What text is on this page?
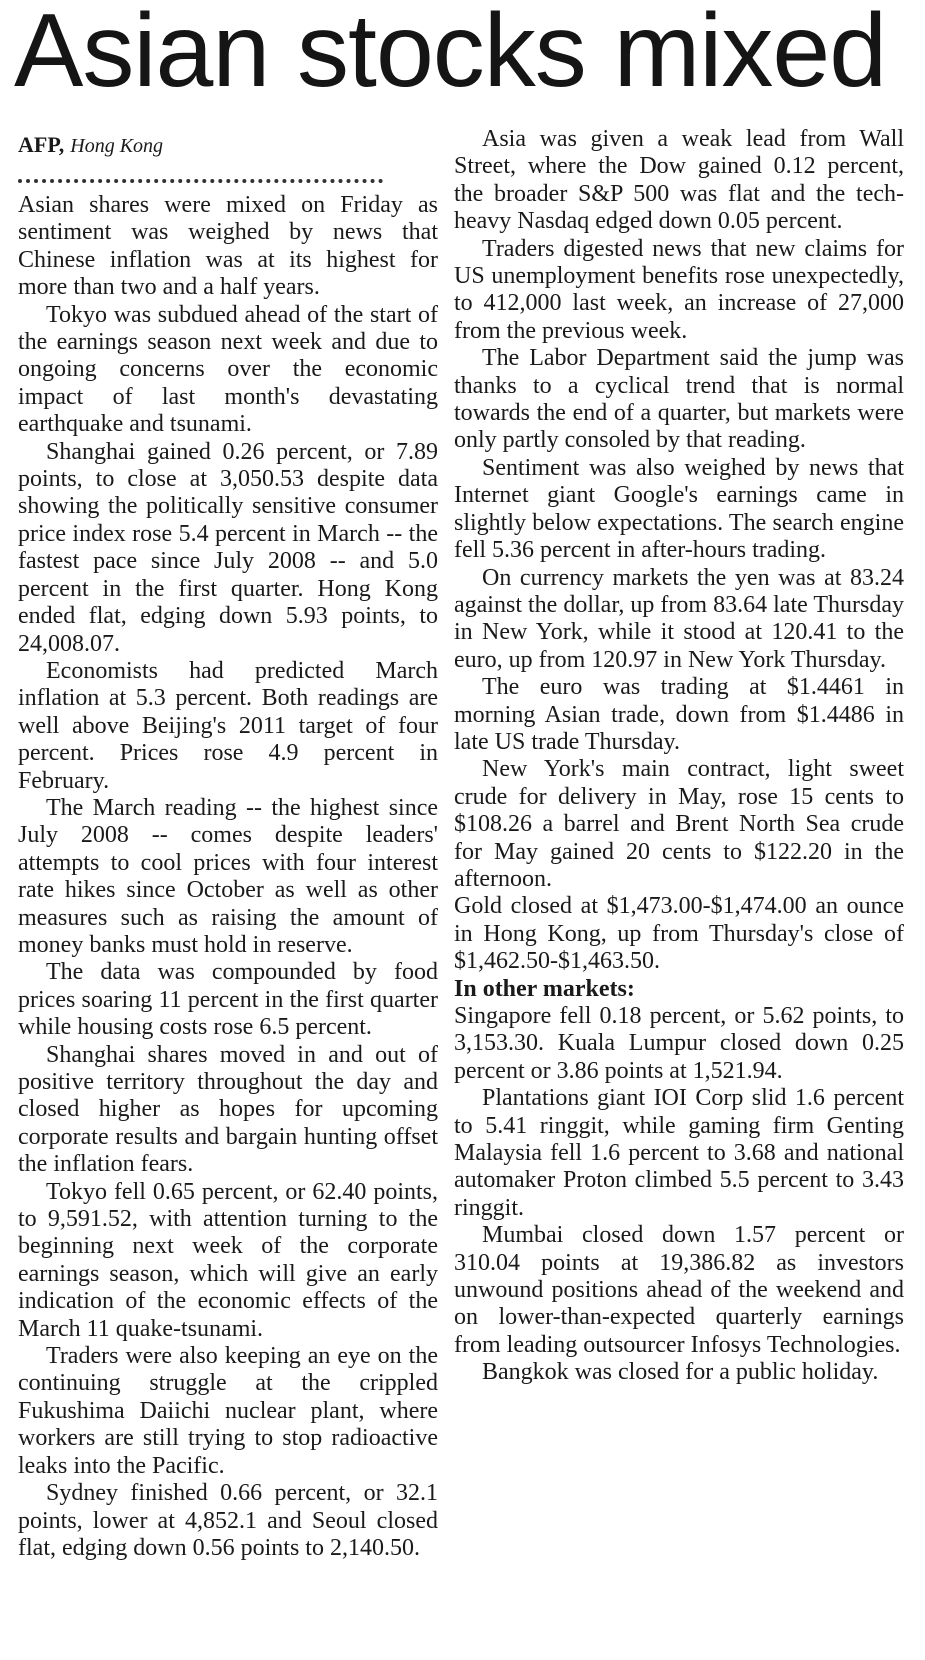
Asian stocks mixed
AFP, Hong Kong

Asian shares were mixed on Friday as sentiment was weighed by news that Chinese inflation was at its highest for more than two and a half years.

Tokyo was subdued ahead of the start of the earnings season next week and due to ongoing concerns over the economic impact of last month's devastating earthquake and tsunami.

Shanghai gained 0.26 percent, or 7.89 points, to close at 3,050.53 despite data showing the politically sensitive consumer price index rose 5.4 percent in March -- the fastest pace since July 2008 -- and 5.0 percent in the first quarter. Hong Kong ended flat, edging down 5.93 points, to 24,008.07.

Economists had predicted March inflation at 5.3 percent. Both readings are well above Beijing's 2011 target of four percent. Prices rose 4.9 percent in February.

The March reading -- the highest since July 2008 -- comes despite leaders' attempts to cool prices with four interest rate hikes since October as well as other measures such as raising the amount of money banks must hold in reserve.

The data was compounded by food prices soaring 11 percent in the first quarter while housing costs rose 6.5 percent.

Shanghai shares moved in and out of positive territory throughout the day and closed higher as hopes for upcoming corporate results and bargain hunting offset the inflation fears.

Tokyo fell 0.65 percent, or 62.40 points, to 9,591.52, with attention turning to the beginning next week of the corporate earnings season, which will give an early indication of the economic effects of the March 11 quake-tsunami.

Traders were also keeping an eye on the continuing struggle at the crippled Fukushima Daiichi nuclear plant, where workers are still trying to stop radioactive leaks into the Pacific.

Sydney finished 0.66 percent, or 32.1 points, lower at 4,852.1 and Seoul closed flat, edging down 0.56 points to 2,140.50.

Asia was given a weak lead from Wall Street, where the Dow gained 0.12 percent, the broader S&P 500 was flat and the tech-heavy Nasdaq edged down 0.05 percent.

Traders digested news that new claims for US unemployment benefits rose unexpectedly, to 412,000 last week, an increase of 27,000 from the previous week.

The Labor Department said the jump was thanks to a cyclical trend that is normal towards the end of a quarter, but markets were only partly consoled by that reading.

Sentiment was also weighed by news that Internet giant Google's earnings came in slightly below expectations. The search engine fell 5.36 percent in after-hours trading.

On currency markets the yen was at 83.24 against the dollar, up from 83.64 late Thursday in New York, while it stood at 120.41 to the euro, up from 120.97 in New York Thursday.

The euro was trading at $1.4461 in morning Asian trade, down from $1.4486 in late US trade Thursday.

New York's main contract, light sweet crude for delivery in May, rose 15 cents to $108.26 a barrel and Brent North Sea crude for May gained 20 cents to $122.20 in the afternoon.

Gold closed at $1,473.00-$1,474.00 an ounce in Hong Kong, up from Thursday's close of $1,462.50-$1,463.50.

In other markets:

Singapore fell 0.18 percent, or 5.62 points, to 3,153.30. Kuala Lumpur closed down 0.25 percent or 3.86 points at 1,521.94.

Plantations giant IOI Corp slid 1.6 percent to 5.41 ringgit, while gaming firm Genting Malaysia fell 1.6 percent to 3.68 and national automaker Proton climbed 5.5 percent to 3.43 ringgit.

Mumbai closed down 1.57 percent or 310.04 points at 19,386.82 as investors unwound positions ahead of the weekend and on lower-than-expected quarterly earnings from leading outsourcer Infosys Technologies.

Bangkok was closed for a public holiday.
